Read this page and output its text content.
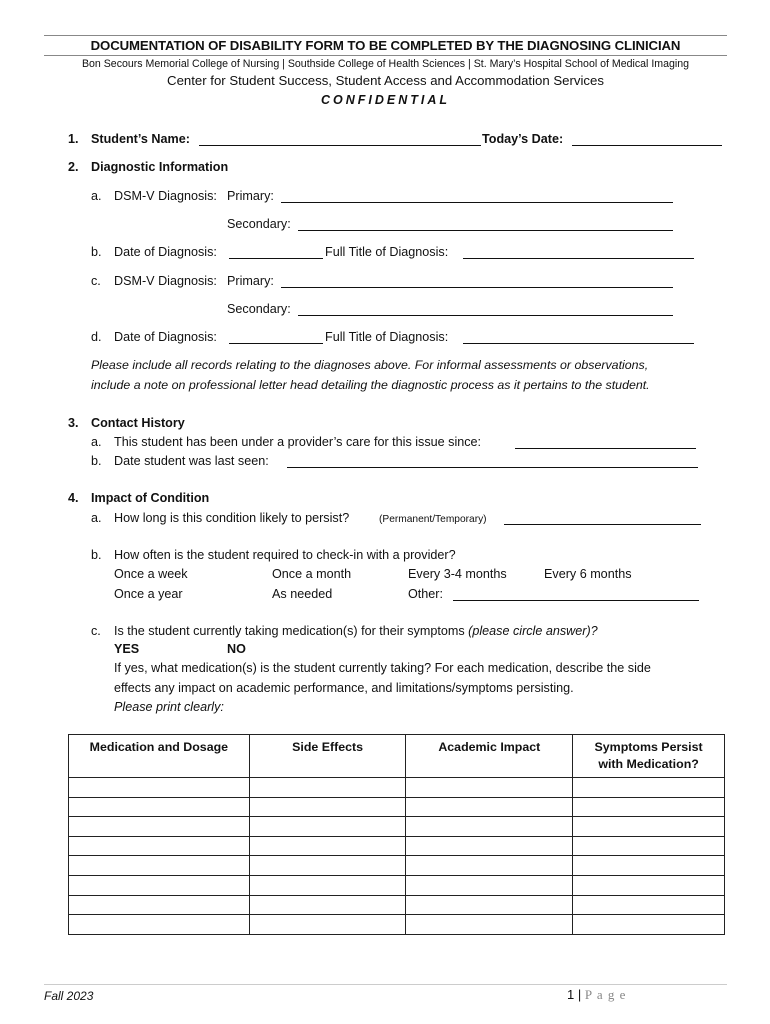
DOCUMENTATION OF DISABILITY FORM TO BE COMPLETED BY THE DIAGNOSING CLINICIAN
Bon Secours Memorial College of Nursing | Southside College of Health Sciences | St. Mary’s Hospital School of Medical Imaging
Center for Student Success, Student Access and Accommodation Services
CONFIDENTIAL
1. Student’s Name:	Today’s Date:
2. Diagnostic Information
a. DSM-V Diagnosis: Primary:
Secondary:
b. Date of Diagnosis:	Full Title of Diagnosis:
c. DSM-V Diagnosis: Primary:
Secondary:
d. Date of Diagnosis:	Full Title of Diagnosis:
Please include all records relating to the diagnoses above. For informal assessments or observations,
include a note on professional letter head detailing the diagnostic process as it pertains to the student.
3. Contact History
a. This student has been under a provider’s care for this issue since:
b. Date student was last seen:
4. Impact of Condition
a. How long is this condition likely to persist?	(Permanent/Temporary)
b. How often is the student required to check-in with a provider?
Once a week	Once a month	Every 3-4 months	Every 6 months
Once a year	As needed	Other:
c. Is the student currently taking medication(s) for their symptoms (please circle answer)?
YES	NO
If yes, what medication(s) is the student currently taking? For each medication, describe the side
effects any impact on academic performance, and limitations/symptoms persisting.
Please print clearly:
Medication and Dosage	Side Effects	Academic Impact	Symptoms Persist
with Medication?

Fall 2023	1 | P a g e
